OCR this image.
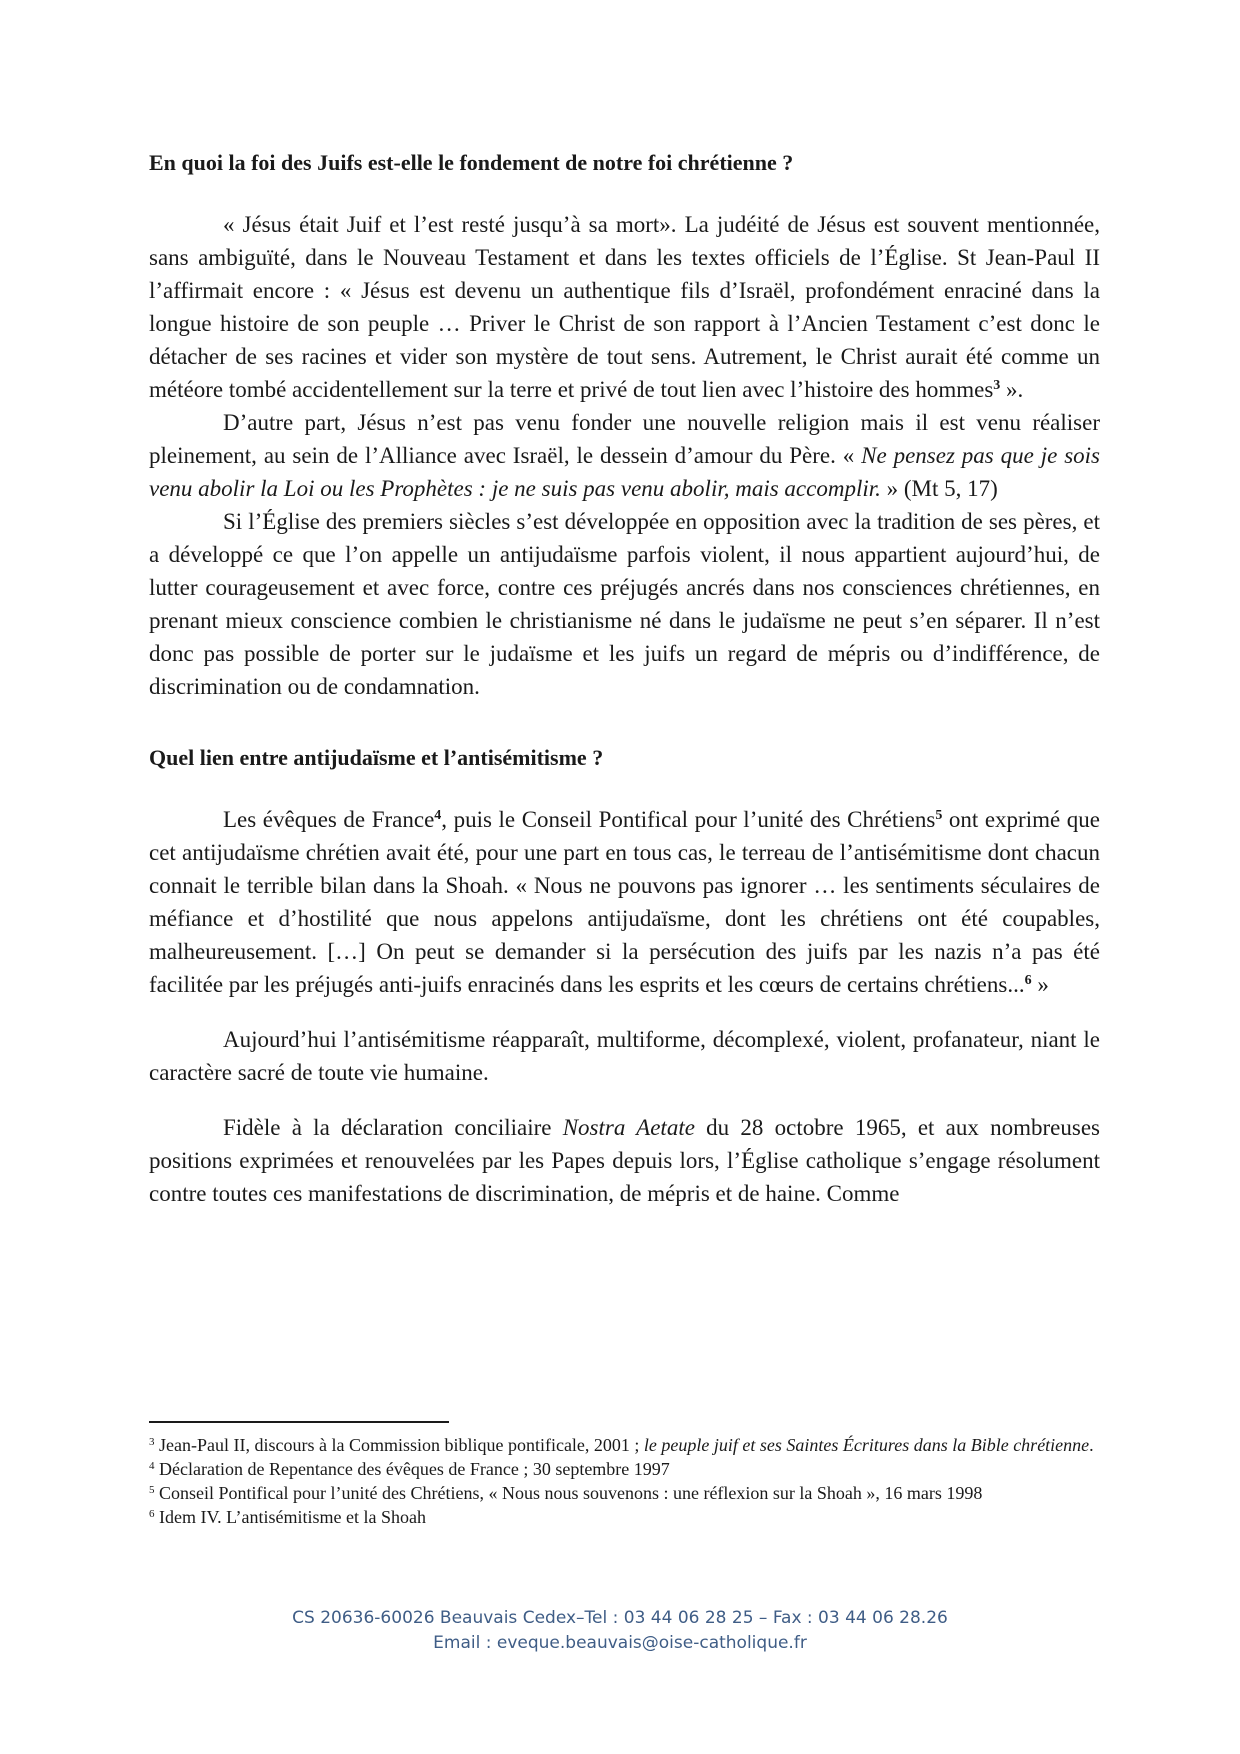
En quoi la foi des Juifs est-elle le fondement de notre foi chrétienne ?

« Jésus était Juif et l’est resté jusqu’à sa mort». La judéité de Jésus est souvent mentionnée, sans ambiguïté, dans le Nouveau Testament et dans les textes officiels de l’Église. St Jean-Paul II l’affirmait encore : « Jésus est devenu un authentique fils d’Israël, profondément enraciné dans la longue histoire de son peuple … Priver le Christ de son rapport à l’Ancien Testament c’est donc le détacher de ses racines et vider son mystère de tout sens. Autrement, le Christ aurait été comme un météore tombé accidentellement sur la terre et privé de tout lien avec l’histoire des hommes$^3$ ».

D’autre part, Jésus n’est pas venu fonder une nouvelle religion mais il est venu réaliser pleinement, au sein de l’Alliance avec Israël, le dessein d’amour du Père. « Ne pensez pas que je sois venu abolir la Loi ou les Prophètes : je ne suis pas venu abolir, mais accomplir. » (Mt 5, 17)

Si l’Église des premiers siècles s’est développée en opposition avec la tradition de ses pères, et a développé ce que l’on appelle un antijudaïsme parfois violent, il nous appartient aujourd’hui, de lutter courageusement et avec force, contre ces préjugés ancrés dans nos consciences chrétiennes, en prenant mieux conscience combien le christianisme né dans le judaïsme ne peut s’en séparer. Il n’est donc pas possible de porter sur le judaïsme et les juifs un regard de mépris ou d’indifférence, de discrimination ou de condamnation.

Quel lien entre antijudaïsme et l’antisémitisme ?

Les évêques de France$^4$, puis le Conseil Pontifical pour l’unité des Chrétiens$^5$ ont exprimé que cet antijudaïsme chrétien avait été, pour une part en tous cas, le terreau de l’antisémitisme dont chacun connait le terrible bilan dans la Shoah. « Nous ne pouvons pas ignorer … les sentiments séculaires de méfiance et d’hostilité que nous appelons antijudaïsme, dont les chrétiens ont été coupables, malheureusement. […] On peut se demander si la persécution des juifs par les nazis n’a pas été facilitée par les préjugés anti-juifs enracinés dans les esprits et les cœurs de certains chrétiens...$^6$ »

Aujourd’hui l’antisémitisme réapparaît, multiforme, décomplexé, violent, profanateur, niant le caractère sacré de toute vie humaine.

Fidèle à la déclaration conciliaire Nostra Aetate du 28 octobre 1965, et aux nombreuses positions exprimées et renouvelées par les Papes depuis lors, l’Église catholique s’engage résolument contre toutes ces manifestations de discrimination, de mépris et de haine. Comme

$^3$ Jean-Paul II, discours à la Commission biblique pontificale, 2001 ; le peuple juif et ses Saintes Écritures dans la Bible chrétienne.

$^4$ Déclaration de Repentance des évêques de France ; 30 septembre 1997

$^5$ Conseil Pontifical pour l’unité des Chrétiens, « Nous nous souvenons : une réflexion sur la Shoah », 16 mars 1998

$^6$ Idem IV. L’antisémitisme et la Shoah

CS 20636-60026 Beauvais Cedex–Tel : 03 44 06 28 25 – Fax : 03 44 06 28.26
Email : eveque.beauvais@oise-catholique.fr
